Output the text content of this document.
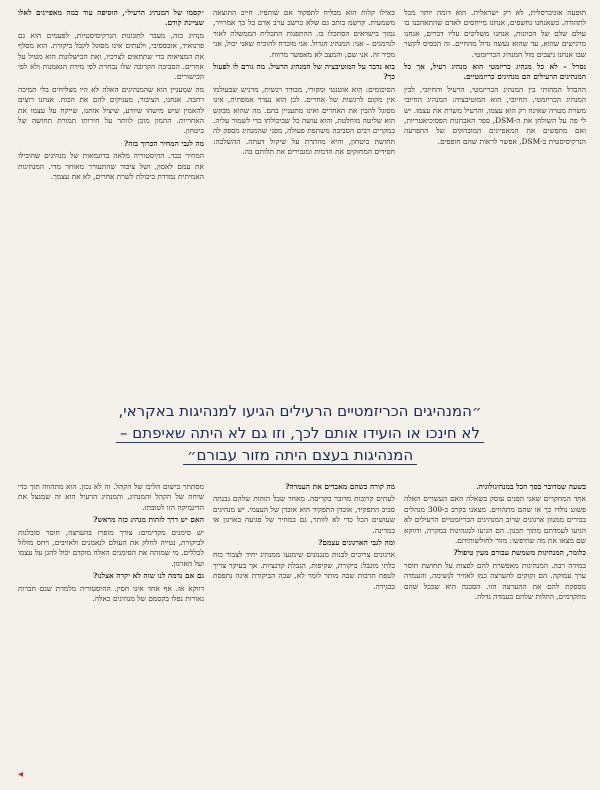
תופעה אוניברסלית, לא רק ישראלית. הוא דומה יותר מכל לתהודה. כשאנחנו נחשפים, אנחנו מייחסים לאדם שהתאהבנו בו עולם שלם של הכוונות, אנחנו משליכים עליו דברים, אנחנו מרגישים שהוא, עד שהוא נעשה גדול מהחיים. זה הבסיס לקשר שבו אנחנו ניצבים מול המנהיג הכריזמטי.

נסרל – לא כל מנהיג כריזמטי הוא מנהיג רעיל, אך כל המנהיגים הרעילים הם מנהיגים כריזמטיים.

ההבדל המהותי בין המנהיג הכריזמטי, הרעיל והחיובי, לבין המנהיג הכריזמטי, החיובי, הוא המוטיבציה: המנהיג החיובי משרת מטרה שאינה רק הוא עצמו, והרעיל משרת את עצמו. יש לי פה על השולחן את ה-DSM, ספר האבחנות הפסיכיאטריות, ואם מחפשים את המאפיינים המובהקים של ההפרעה הנרקיסיסטית ב-DSM, אפשר לראות שהם חופפים.

כאילו קלות הוא מבליח לתפקוד אם שותפיו. חייב התוצאה משמעית. קרשמ כותב גם שלא כרשב ערב אדם בל כך אמרויר, נמוך בישראים הסתכלו בו. ההתפנות התכלית הממשלה לאור לגרמנים – אני: המנהיג הגדול. אני מוכרח להוכיח שאני יכול, אני מכיר זה. אני שם, והמצב לא מאפשר מרווח.

בוא נדבר על המוטיבציה של המנהיג הרעיל. מה גורם לו לפעול כך?

הסיכומים: הוא אוטנטי ומקורי, מבודד רגשית, מרגיש שבעולמו אין מקום לרגשות של אחרים. לכן הוא נעדר אמפתיה, אינו מסוגל להבין את האחרים ואינו מתעניין בהם. מה שהוא מבקש הוא שליטה מוחלטת, והוא עושה כל שביכולתו כדי לשמור עליה. במקרים רבים הסביבה משתפת פעולה, מפני שהמנהיג מספק לה תחושת ביטחון, והיא מוותרת על שיקול דעתה. ההשלכה: חסידים המחזקים את הדמות ומגבירים את תלותם בה.

״קסמו של המנהיג הרעיל״, הוסיפה עוד כמה מאפיינים לאלו שציינת קודם.

מנהיג כזה, מעבר לתכונות הנרקיסיסטיות, לפעמים הוא גם פרנואיד, אובססיבי, ולעתים אינו מסוגל לקבל ביקורת. הוא מסלף את המציאות כדי שתתאים לצרכיו, ואת הכישלונות הוא מטיל על אחרים. הסביבה הקרובה שלו נבחרת לפי מידת הנאמנות ולא לפי הכישורים.

מה שמעניין הוא שהמנהיגים האלה לא היו מצליחים בלי תמיכה רחבה. אנחנו, הציבור, מעניקים להם את הכוח. אנחנו רוצים להאמין שיש מישהו שיודע, שיציל אותנו, שייקח על עצמו את האחריות. ההמון מוכן לוותר על חירותו תמורת תחושה של ביטחון.

מה לגבי המחיר הכרוך בזה?

המחיר כבד. ההיסטוריה מלאה בדוגמאות של מנהיגים שהובילו את עמם לאסון, ושל ציבור שהתעורר מאוחר מדי. המנהיגות האמיתית נמדדת ביכולת לשרת אחרים, לא את עצמך.

״המנהיגים הכריזמטיים הרעילים הגיעו למנהיגות באקראי,
לא חינכו או הועידו אותם לכך, וזו גם לא היתה שאיפתם –
המנהיגות בעצם היתה מזור עבורם״

בשעה שמדובר בסך הכל במנהיגולוגיה.

אחד המחקרים שאני הפנים עוסק בשאלה האם העשויים האלה פשוט נולדו כך או שהם מתהווים. מצאנו בקרב כ-300 מנהלים בכירים ממגוון ארגונים שרוב המנהיגים הכריזמטיים הרעילים לא הגיעו לעמדתם מתוך תכנון. הם הגיעו למנהיגות במקרה, ודווקא שם מצאו את מה שחיפשו: מזור לחולשותיהם.

כלומר, המנהיגות משמשת עבורם מעין טיפול?

במידה רבה. המנהיגות מאפשרת להם לפצות על תחושת חוסר ערך עמוקה. הם זקוקים להערצה כמו לאוויר לנשימה, והעמדה מספקת להם את ההערצה הזו. הסכנה היא שככל שהם מתקדמים, התלות שלהם בעמדה גדלה.

מה קורה כשהם מאבדים את העמדה?

לעתים קרובות מדובר בקריסה. מאחר שכל הזהות שלהם נבנתה סביב התפקיד, אובדן התפקיד הוא אובדן של העצמי. יש מנהיגים שעושים הכל כדי לא לוותר, גם במחיר של פגיעה בארגון או במדינה.

ומה לגבי הארגונים עצמם?

ארגונים צריכים לבנות מנגנונים שימנעו ממנהיג יחיד לצבור כוח בלתי מוגבל: ביקורת, שקיפות, הגבלת קדנציות. אך בעיקר צריך לטפח תרבות שבה מותר לומר לא, שבה הביקורת אינה נתפסת כבגידה.

מסתתר בישום הליבו של הקהל. זה לא נכון. הוא מתהווה תוך כדי שיחה של הקהל והמנהיג, והמנהיג הרעיל הוא זה שמנצל את הדינמיקה הזו לטובתו.

האם יש דרך לזהות מנהיג כזה מראש?

יש סימנים מקדימים: צורך מופרז בהערצה, חוסר סובלנות לביקורת, נטייה לחלק את העולם לנאמנים ולאויבים, ויחס מזלזל לכללים. מי שמזהה את הסימנים האלה מוקדם יכול להגן על עצמו ועל הארגון.

גם אם נדמה לנו שזה לא יקרה אצלנו?

דווקא אז. אף אחד אינו חסין. ההיסטוריה מלמדת שגם חברות נאורות נפלו בקסמם של מנהיגים כאלה.

◂
